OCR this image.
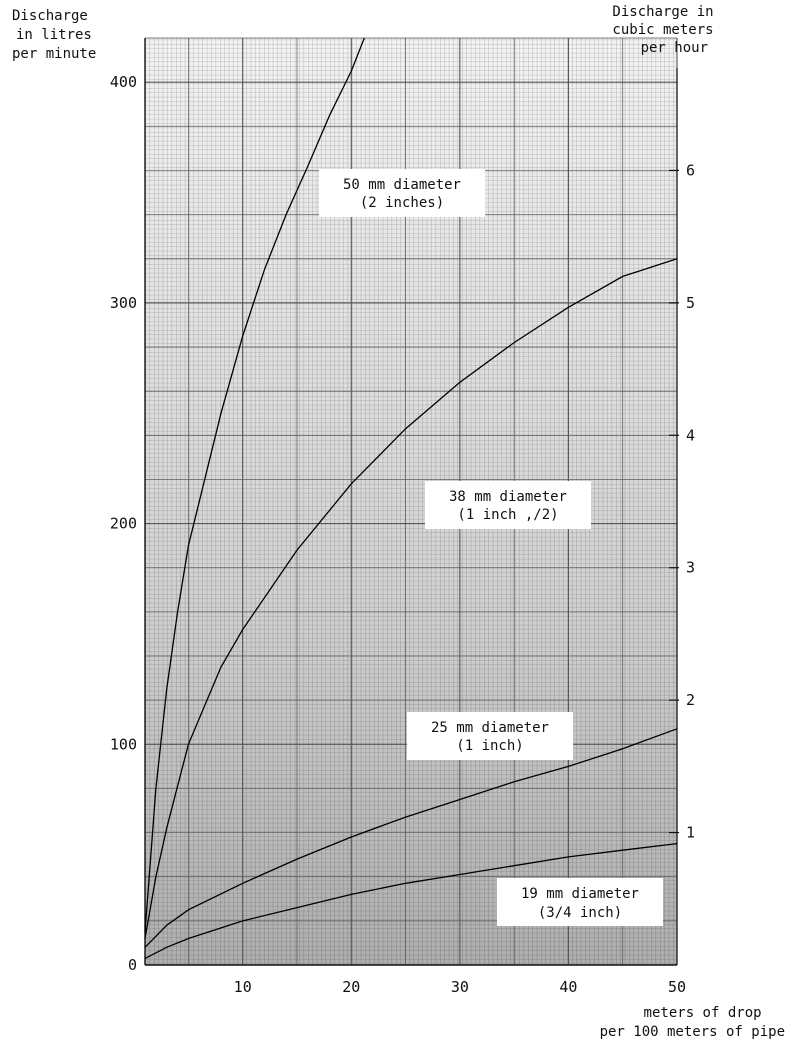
50 mm diameter
(2 inches)
38 mm diameter
(1 inch ,/2)
25 mm diameter
(1 inch)
19 mm diameter
(3/4 inch)
10	20	30	40	50
0
100
200
300
400
1
2
3
4
5
6
Discharge in litres per minute
Discharge in cubic meters per hour
meters of drop per 100 meters of pipe
